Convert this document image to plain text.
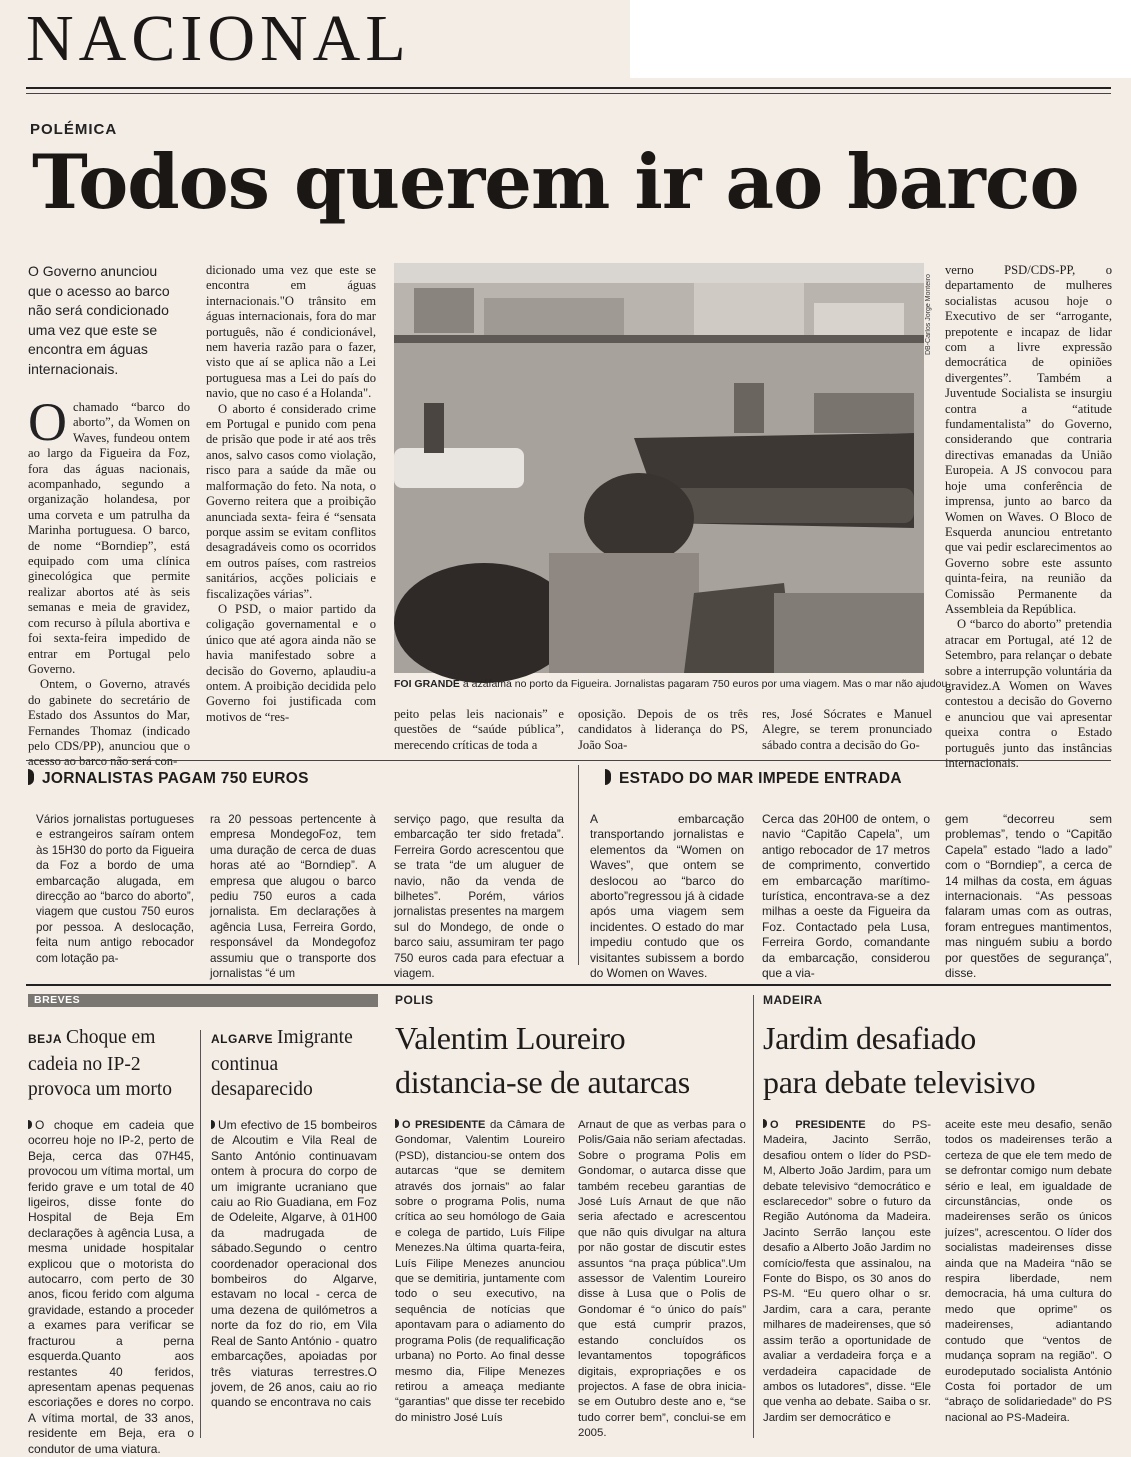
NACIONAL
POLÉMICA
Todos querem ir ao barco
O Governo anunciou que o acesso ao barco não será condicionado uma vez que este se encontra em águas internacionais.

Ochamado “barco do aborto”, da Women on Waves, fundeou ontem ao largo da Figueira da Foz, fora das águas nacionais, acompanhado, segundo a organização holandesa, por uma corveta e um patrulha da Marinha portuguesa. O barco, de nome “Borndiep”, está equipado com uma clínica ginecológica que permite realizar abortos até às seis semanas e meia de gravidez, com recurso à pílula abortiva e foi sexta-feira impedido de entrar em Portugal pelo Governo.

Ontem, o Governo, através do gabinete do secretário de Estado dos Assuntos do Mar, Fernandes Thomaz (indicado pelo CDS/PP), anunciou que o acesso ao barco não será con-

dicionado uma vez que este se encontra em águas internacionais."O trânsito em águas internacionais, fora do mar português, não é condicionável, nem haveria razão para o fazer, visto que aí se aplica não a Lei portuguesa mas a Lei do país do navio, que no caso é a Holanda".

O aborto é considerado crime em Portugal e punido com pena de prisão que pode ir até aos três anos, salvo casos como violação, risco para a saúde da mãe ou malformação do feto. Na nota, o Governo reitera que a proibição anunciada sexta- feira é “sensata porque assim se evitam conflitos desagradáveis como os ocorridos em outros países, com rastreios sanitários, acções policiais e fiscalizações várias”.

O PSD, o maior partido da coligação governamental e o único que até agora ainda não se havia manifestado sobre a decisão do Governo, aplaudiu-a ontem. A proibição decidida pelo Governo foi justificada com motivos de “res-

DB-Carlos Jorge Monteiro
FOI GRANDE a azáfama no porto da Figueira. Jornalistas pagaram 750 euros por uma viagem. Mas o mar não ajudou
peito pelas leis nacionais” e questões de “saúde pública”, merecendo críticas de toda a
oposição. Depois de os três candidatos à liderança do PS, João Soa-
res, José Sócrates e Manuel Alegre, se terem pronunciado sábado contra a decisão do Go-

verno PSD/CDS-PP, o departamento de mulheres socialistas acusou hoje o Executivo de ser “arrogante, prepotente e incapaz de lidar com a livre expressão democrática de opiniões divergentes”. Também a Juventude Socialista se insurgiu contra a “atitude fundamentalista” do Governo, considerando que contraria directivas emanadas da União Europeia. A JS convocou para hoje uma conferência de imprensa, junto ao barco da Women on Waves. O Bloco de Esquerda anunciou entretanto que vai pedir esclarecimentos ao Governo sobre este assunto quinta-feira, na reunião da Comissão Permanente da Assembleia da República.

O “barco do aborto” pretendia atracar em Portugal, até 12 de Setembro, para relançar o debate sobre a interrupção voluntária da gravidez.A Women on Waves contestou a decisão do Governo e anunciou que vai apresentar queixa contra o Estado português junto das instâncias internacionais.

JORNALISTAS PAGAM 750 EUROS
Vários jornalistas portugueses e estrangeiros saíram ontem às 15H30 do porto da Figueira da Foz a bordo de uma embarcação alugada, em direcção ao “barco do aborto”, viagem que custou 750 euros por pessoa. A deslocação, feita num antigo rebocador com lotação pa-
ra 20 pessoas pertencente à empresa MondegoFoz, tem uma duração de cerca de duas horas até ao “Borndiep”. A empresa que alugou o barco pediu 750 euros a cada jornalista. Em declarações à agência Lusa, Ferreira Gordo, responsável da Mondegofoz assumiu que o transporte dos jornalistas “é um
serviço pago, que resulta da embarcação ter sido fretada”. Ferreira Gordo acrescentou que se trata “de um aluguer de navio, não da venda de bilhetes”. Porém, vários jornalistas presentes na margem sul do Mondego, de onde o barco saiu, assumiram ter pago 750 euros cada para efectuar a viagem.
ESTADO DO MAR IMPEDE ENTRADA
A embarcação transportando jornalistas e elementos da “Women on Waves”, que ontem se deslocou ao “barco do aborto”regressou já à cidade após uma viagem sem incidentes. O estado do mar impediu contudo que os visitantes subissem a bordo do Women on Waves.
Cerca das 20H00 de ontem, o navio “Capitão Capela”, um antigo rebocador de 17 metros de comprimento, convertido em embarcação marítimo-turística, encontrava-se a dez milhas a oeste da Figueira da Foz. Contactado pela Lusa, Ferreira Gordo, comandante da embarcação, considerou que a via-
gem “decorreu sem problemas”, tendo o “Capitão Capela” estado “lado a lado” com o “Borndiep”, a cerca de 14 milhas da costa, em águas internacionais. “As pessoas falaram umas com as outras, foram entregues mantimentos, mas ninguém subiu a bordo por questões de segurança”, disse.
BREVES
BEJA Choque em cadeia no IP-2 provoca um morto
O choque em cadeia que ocorreu hoje no IP-2, perto de Beja, cerca das 07H45, provocou um vítima mortal, um ferido grave e um total de 40 ligeiros, disse fonte do Hospital de Beja Em declarações à agência Lusa, a mesma unidade hospitalar explicou que o motorista do autocarro, com perto de 30 anos, ficou ferido com alguma gravidade, estando a proceder a exames para verificar se fracturou a perna esquerda.Quanto aos restantes 40 feridos, apresentam apenas pequenas escoriações e dores no corpo. A vítima mortal, de 33 anos, residente em Beja, era o condutor de uma viatura.
ALGARVE Imigrante continua desaparecido
Um efectivo de 15 bombeiros de Alcoutim e Vila Real de Santo António continuavam ontem à procura do corpo de um imigrante ucraniano que caiu ao Rio Guadiana, em Foz de Odeleite, Algarve, à 01H00 da madrugada de sábado.Segundo o centro coordenador operacional dos bombeiros do Algarve, estavam no local - cerca de uma dezena de quilómetros a norte da foz do rio, em Vila Real de Santo António - quatro embarcações, apoiadas por três viaturas terrestres.O jovem, de 26 anos, caiu ao rio quando se encontrava no cais
POLIS
Valentim Loureiro
distancia-se de autarcas
O PRESIDENTE da Câmara de Gondomar, Valentim Loureiro (PSD), distanciou-se ontem dos autarcas “que se demitem através dos jornais” ao falar sobre o programa Polis, numa crítica ao seu homólogo de Gaia e colega de partido, Luís Filipe Menezes.Na última quarta-feira, Luís Filipe Menezes anunciou que se demitiria, juntamente com todo o seu executivo, na sequência de notícias que apontavam para o adiamento do programa Polis (de requalificação urbana) no Porto. Ao final desse mesmo dia, Filipe Menezes retirou a ameaça mediante “garantias” que disse ter recebido do ministro José Luís
Arnaut de que as verbas para o Polis/Gaia não seriam afectadas. Sobre o programa Polis em Gondomar, o autarca disse que também recebeu garantias de José Luís Arnaut de que não seria afectado e acrescentou que não quis divulgar na altura por não gostar de discutir estes assuntos “na praça pública”.Um assessor de Valentim Loureiro disse à Lusa que o Polis de Gondomar é “o único do país” que está cumprir prazos, estando concluídos os levantamentos topográficos digitais, expropriações e os projectos. A fase de obra inicia-se em Outubro deste ano e, “se tudo correr bem”, conclui-se em 2005.
MADEIRA
Jardim desafiado
para debate televisivo
O PRESIDENTE do PS-Madeira, Jacinto Serrão, desafiou ontem o líder do PSD-M, Alberto João Jardim, para um debate televisivo “democrático e esclarecedor” sobre o futuro da Região Autónoma da Madeira. Jacinto Serrão lançou este desafio a Alberto João Jardim no comício/festa que assinalou, na Fonte do Bispo, os 30 anos do PS-M. “Eu quero olhar o sr. Jardim, cara a cara, perante milhares de madeirenses, que só assim terão a oportunidade de avaliar a verdadeira força e a verdadeira capacidade de ambos os lutadores”, disse. “Ele que venha ao debate. Saiba o sr. Jardim ser democrático e
aceite este meu desafio, senão todos os madeirenses terão a certeza de que ele tem medo de se defrontar comigo num debate sério e leal, em igualdade de circunstâncias, onde os madeirenses serão os únicos juízes”, acrescentou. O líder dos socialistas madeirenses disse ainda que na Madeira “não se respira liberdade, nem democracia, há uma cultura do medo que oprime” os madeirenses, adiantando contudo que “ventos de mudança sopram na região”. O eurodeputado socialista António Costa foi portador de um “abraço de solidariedade” do PS nacional ao PS-Madeira.
